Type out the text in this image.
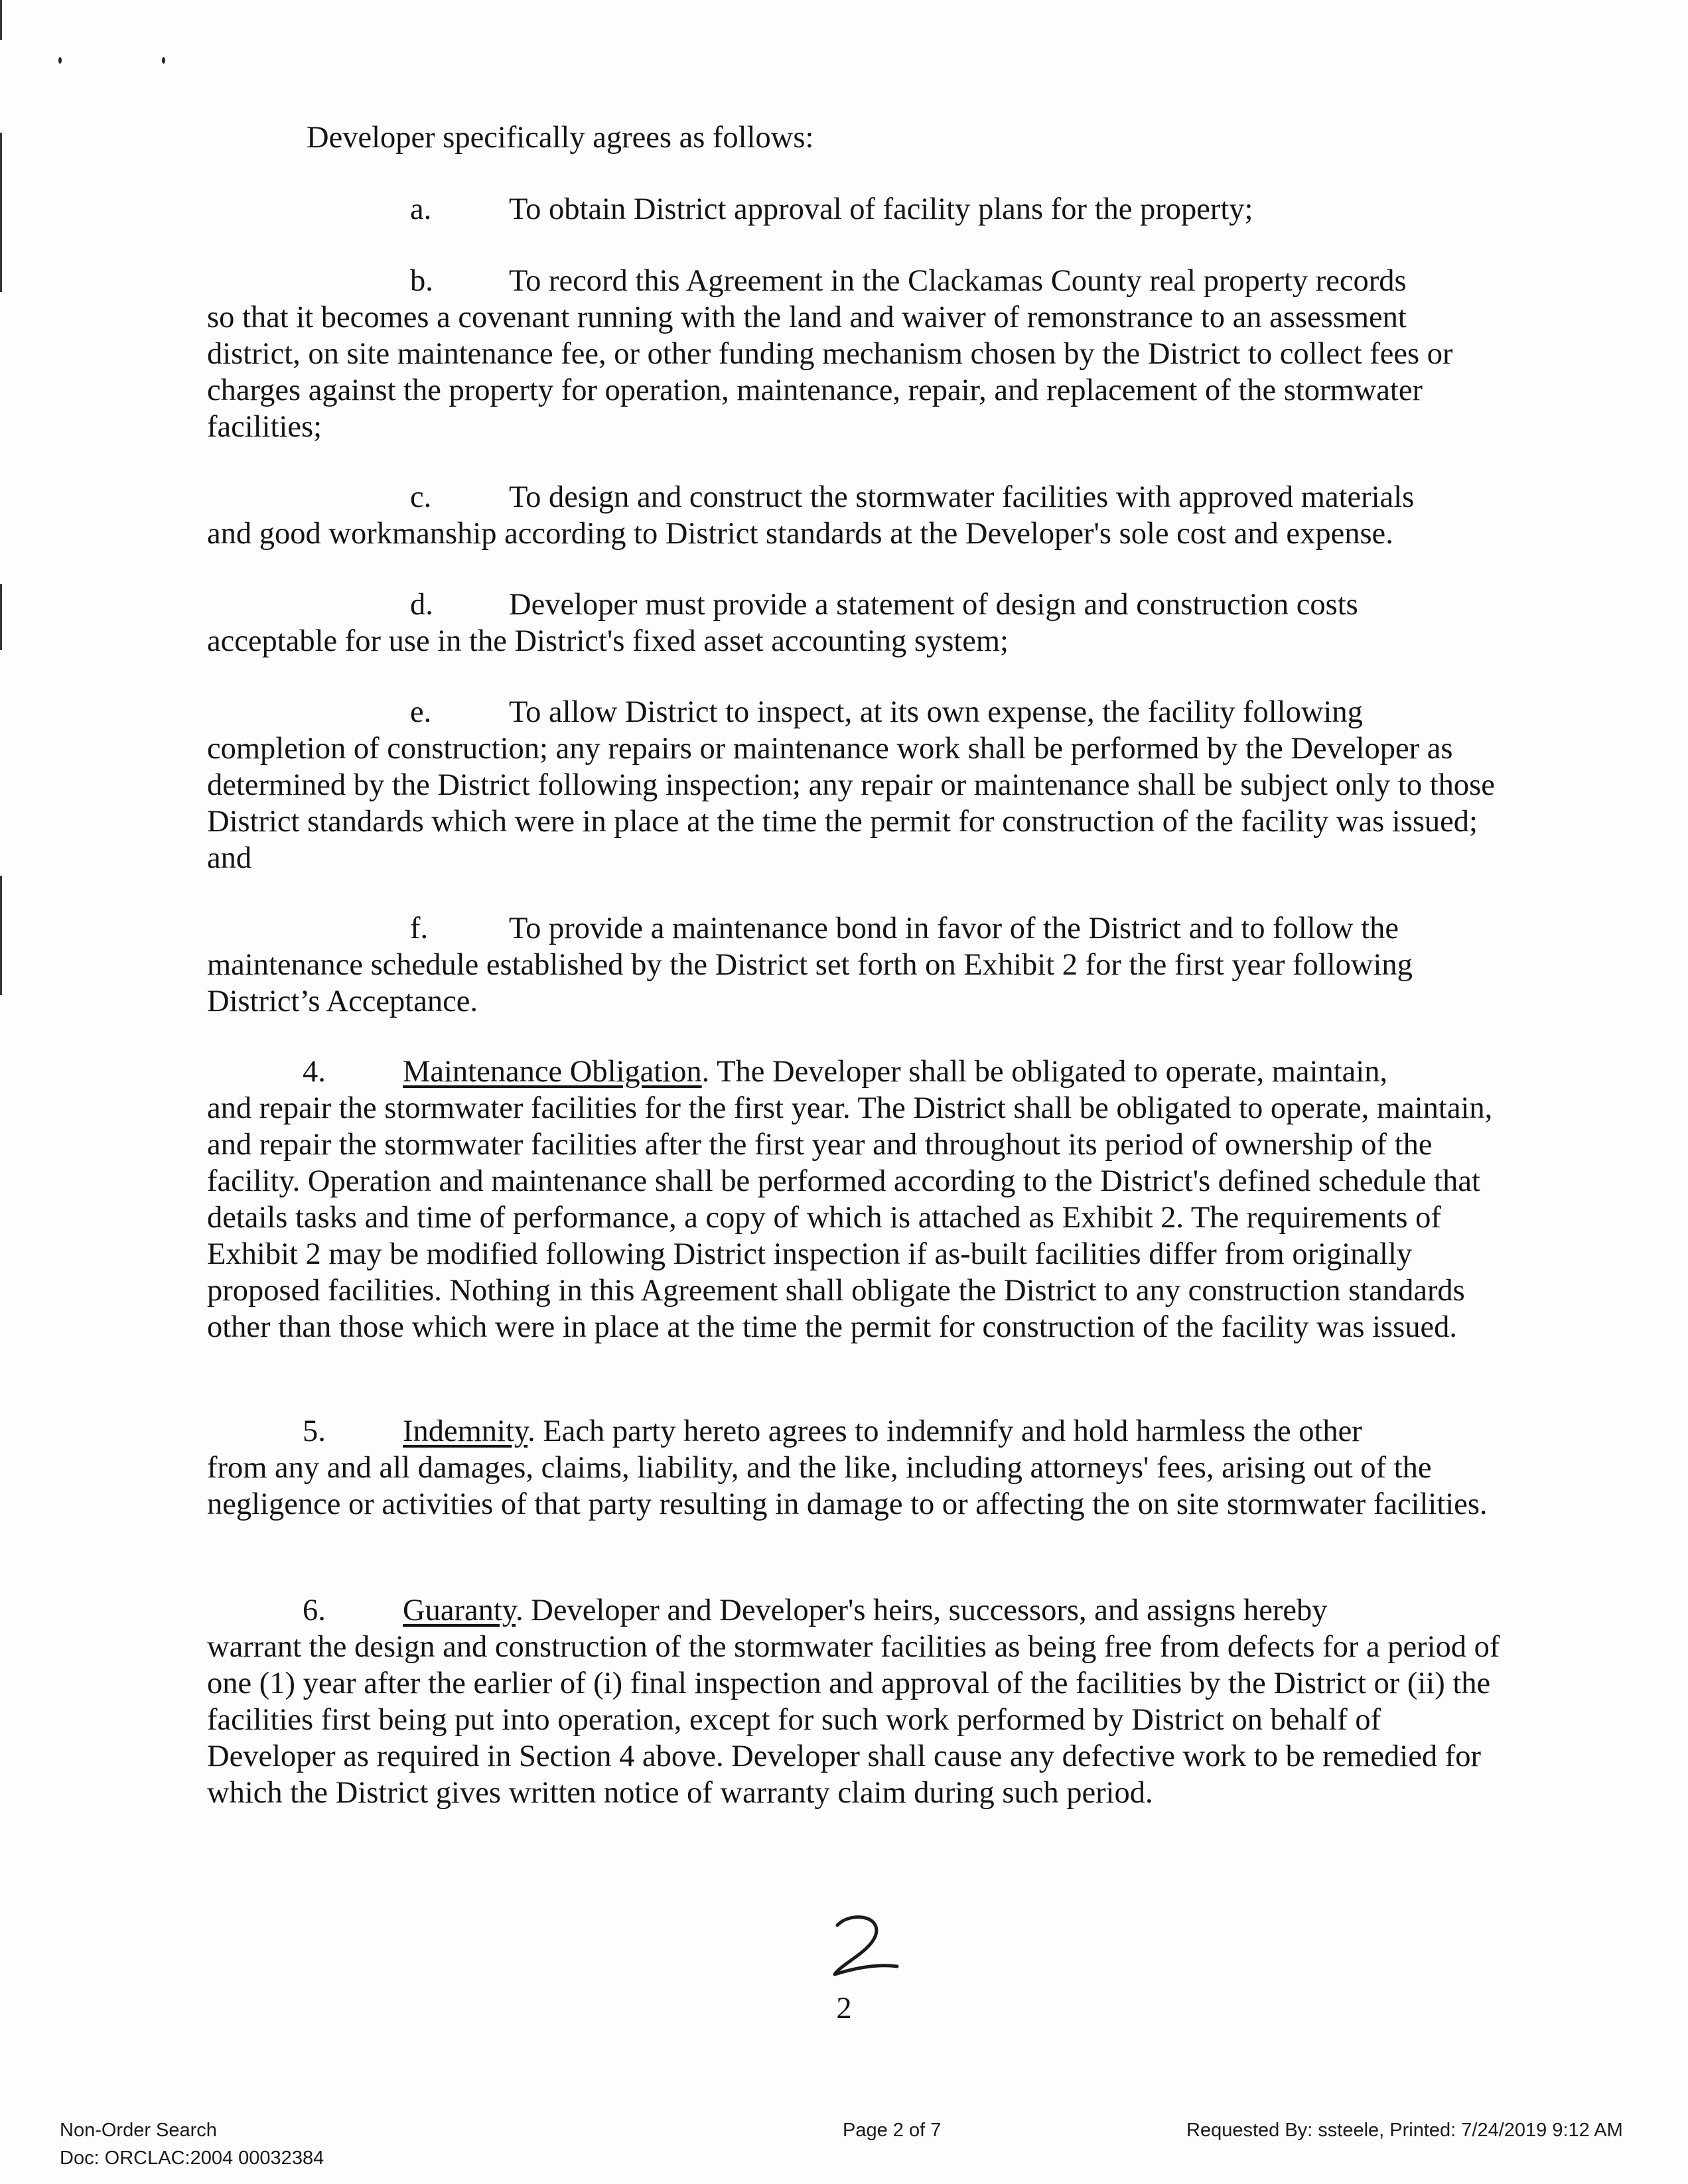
Developer specifically agrees as follows:

a.	To obtain District approval of facility plans for the property;

b. To record this Agreement in the Clackamas County real property records
so that it becomes a covenant running with the land and waiver of remonstrance to an assessment district, on site maintenance fee, or other funding mechanism chosen by the District to collect fees or charges against the property for operation, maintenance, repair, and replacement of the stormwater facilities;
c.	To design and construct the stormwater facilities with approved materials
and good workmanship according to District standards at the Developer's sole cost and expense.
d. Developer must provide a statement of design and construction costs
acceptable for use in the District's fixed asset accounting system;
e.	To allow District to inspect, at its own expense, the facility following
completion of construction; any repairs or maintenance work shall be performed by the Developer as determined by the District following inspection; any repair or maintenance shall be subject only to those District standards which were in place at the time the permit for construction of the facility was issued; and
f.	To provide a maintenance bond in favor of the District and to follow the
maintenance schedule established by the District set forth on Exhibit 2 for the first year following District’s Acceptance.
4. Maintenance Obligation. The Developer shall be obligated to operate, maintain,
and repair the stormwater facilities for the first year. The District shall be obligated to operate, maintain, and repair the stormwater facilities after the first year and throughout its period of ownership of the facility. Operation and maintenance shall be performed according to the District's defined schedule that details tasks and time of performance, a copy of which is attached as Exhibit 2. The requirements of Exhibit 2 may be modified following District inspection if as-built facilities differ from originally proposed facilities. Nothing in this Agreement shall obligate the District to any construction standards other than those which were in place at the time the permit for construction of the facility was issued.
5. Indemnity. Each party hereto agrees to indemnify and hold harmless the other
from any and all damages, claims, liability, and the like, including attorneys' fees, arising out of the negligence or activities of that party resulting in damage to or affecting the on site stormwater facilities.
6. Guaranty. Developer and Developer's heirs, successors, and assigns hereby
warrant the design and construction of the stormwater facilities as being free from defects for a period of one (1) year after the earlier of (i) final inspection and approval of the facilities by the District or (ii) the facilities first being put into operation, except for such work performed by District on behalf of Developer as required in Section 4 above. Developer shall cause any defective work to be remedied for which the District gives written notice of warranty claim during such period.
2
Non-Order Search
Doc: ORCLAC:2004 00032384
Page 2 of 7	Requested By: ssteele, Printed: 7/24/2019 9:12 AM
